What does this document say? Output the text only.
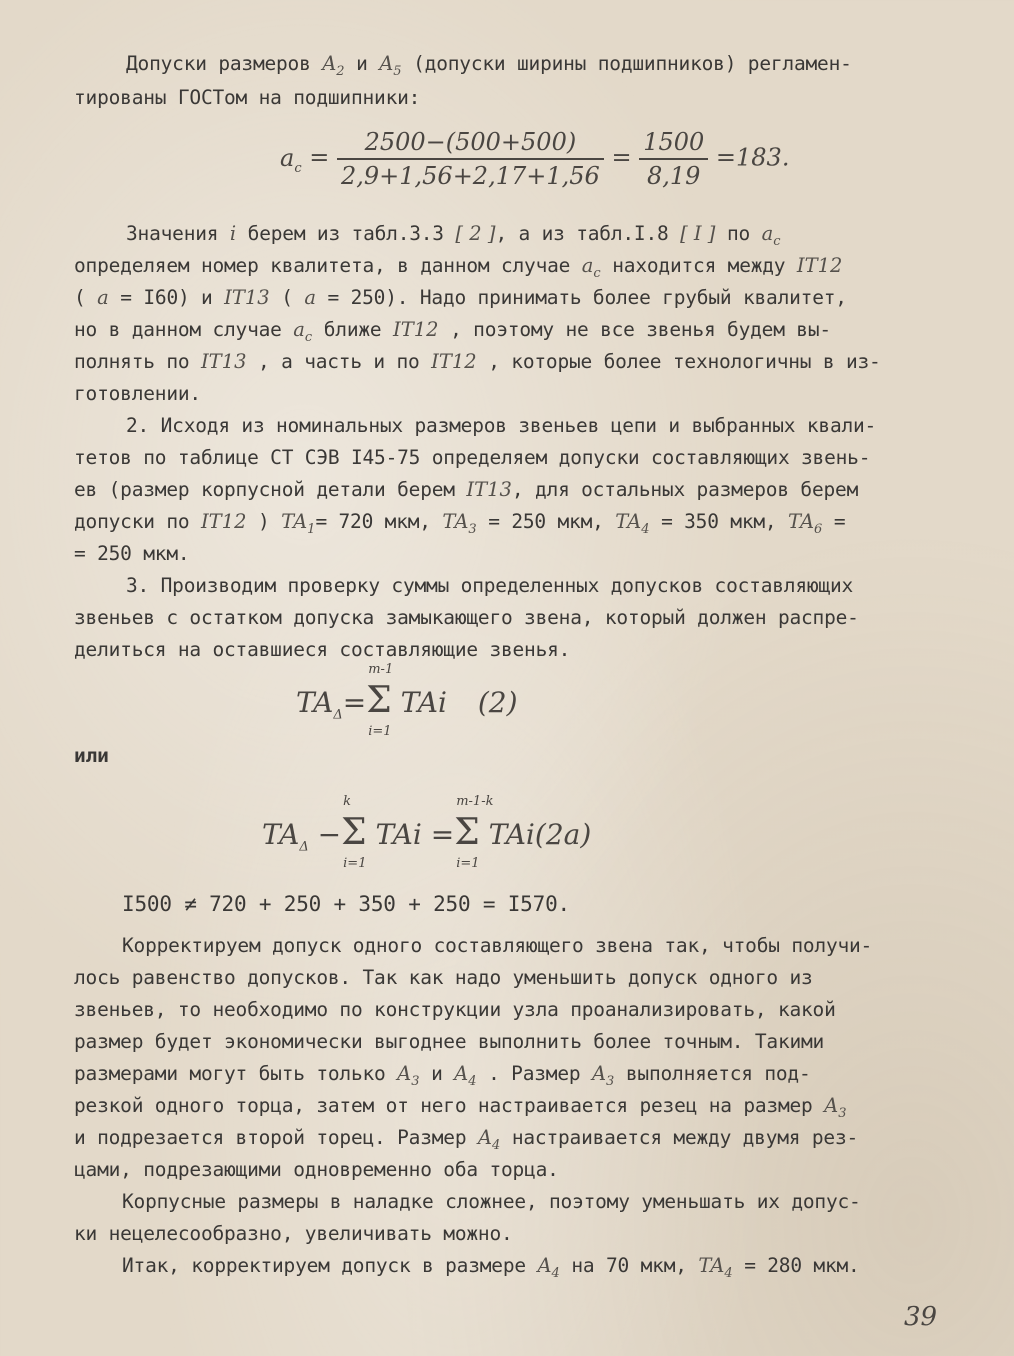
Допуски размеров $A_2$ и $A_5$ (допуски ширины подшипников) регламен-
тированы ГОСТом на подшипники:
$a_c = \frac{2500-(500+500)}{2,9+1,56+2,17+1,56} = \frac{1500}{8,19} =183$.
Значения i берем из табл.3.3 [ 2 ], а из табл.I.8 [ I ] по $a_c$
определяем номер квалитета, в данном случае $a_c$ находится между IT12
( a = I60) и IT13 ( a = 250). Надо принимать более грубый квалитет,
но в данном случае $a_c$ ближе IT12 , поэтому не все звенья будем вы-
полнять по IT13 , а часть и по IT12 , которые более технологичны в из-
готовлении.
2. Исходя из номинальных размеров звеньев цепи и выбранных квали-
тетов по таблице СТ СЭВ I45-75 определяем допуски составляющих звень-
ев (размер корпусной детали берем IT13, для остальных размеров берем
допуски по IT12 ) $TA_1= 720$ мкм, $TA_3 = 250$ мкм, $TA_4 = 350$ мкм, $TA_6$ =
= 250 мкм.
3. Производим проверку суммы определенных допусков составляющих
звеньев с остатком допуска замыкающего звена, который должен распре-
делиться на оставшиеся составляющие звенья.
$TA_\Delta=\Sigma$
m-1
i=1
TAi (2)
или
$TA_\Delta -\Sigma$
k
i=1
TAi =Σ
m-1-k
i=1
TAi(2a)
I500 ≠ 720 + 250 + 350 + 250 = I570.
Корректируем допуск одного составляющего звена так, чтобы получи-
лось равенство допусков. Так как надо уменьшить допуск одного из
звеньев, то необходимо по конструкции узла проанализировать, какой
размер будет экономически выгоднее выполнить более точным. Такими
размерами могут быть только $A_3$ и $A_4$ . Размер $A_3$ выполняется под-
резкой одного торца, затем от него настраивается резец на размер $A_3$
и подрезается второй торец. Размер $A_4$ настраивается между двумя рез-
цами, подрезающими одновременно оба торца.
Корпусные размеры в наладке сложнее, поэтому уменьшать их допус-
ки нецелесообразно, увеличивать можно.
Итак, корректируем допуск в размере $A_4$ на 70 мкм, $TA_4 = 280$ мкм.
39
